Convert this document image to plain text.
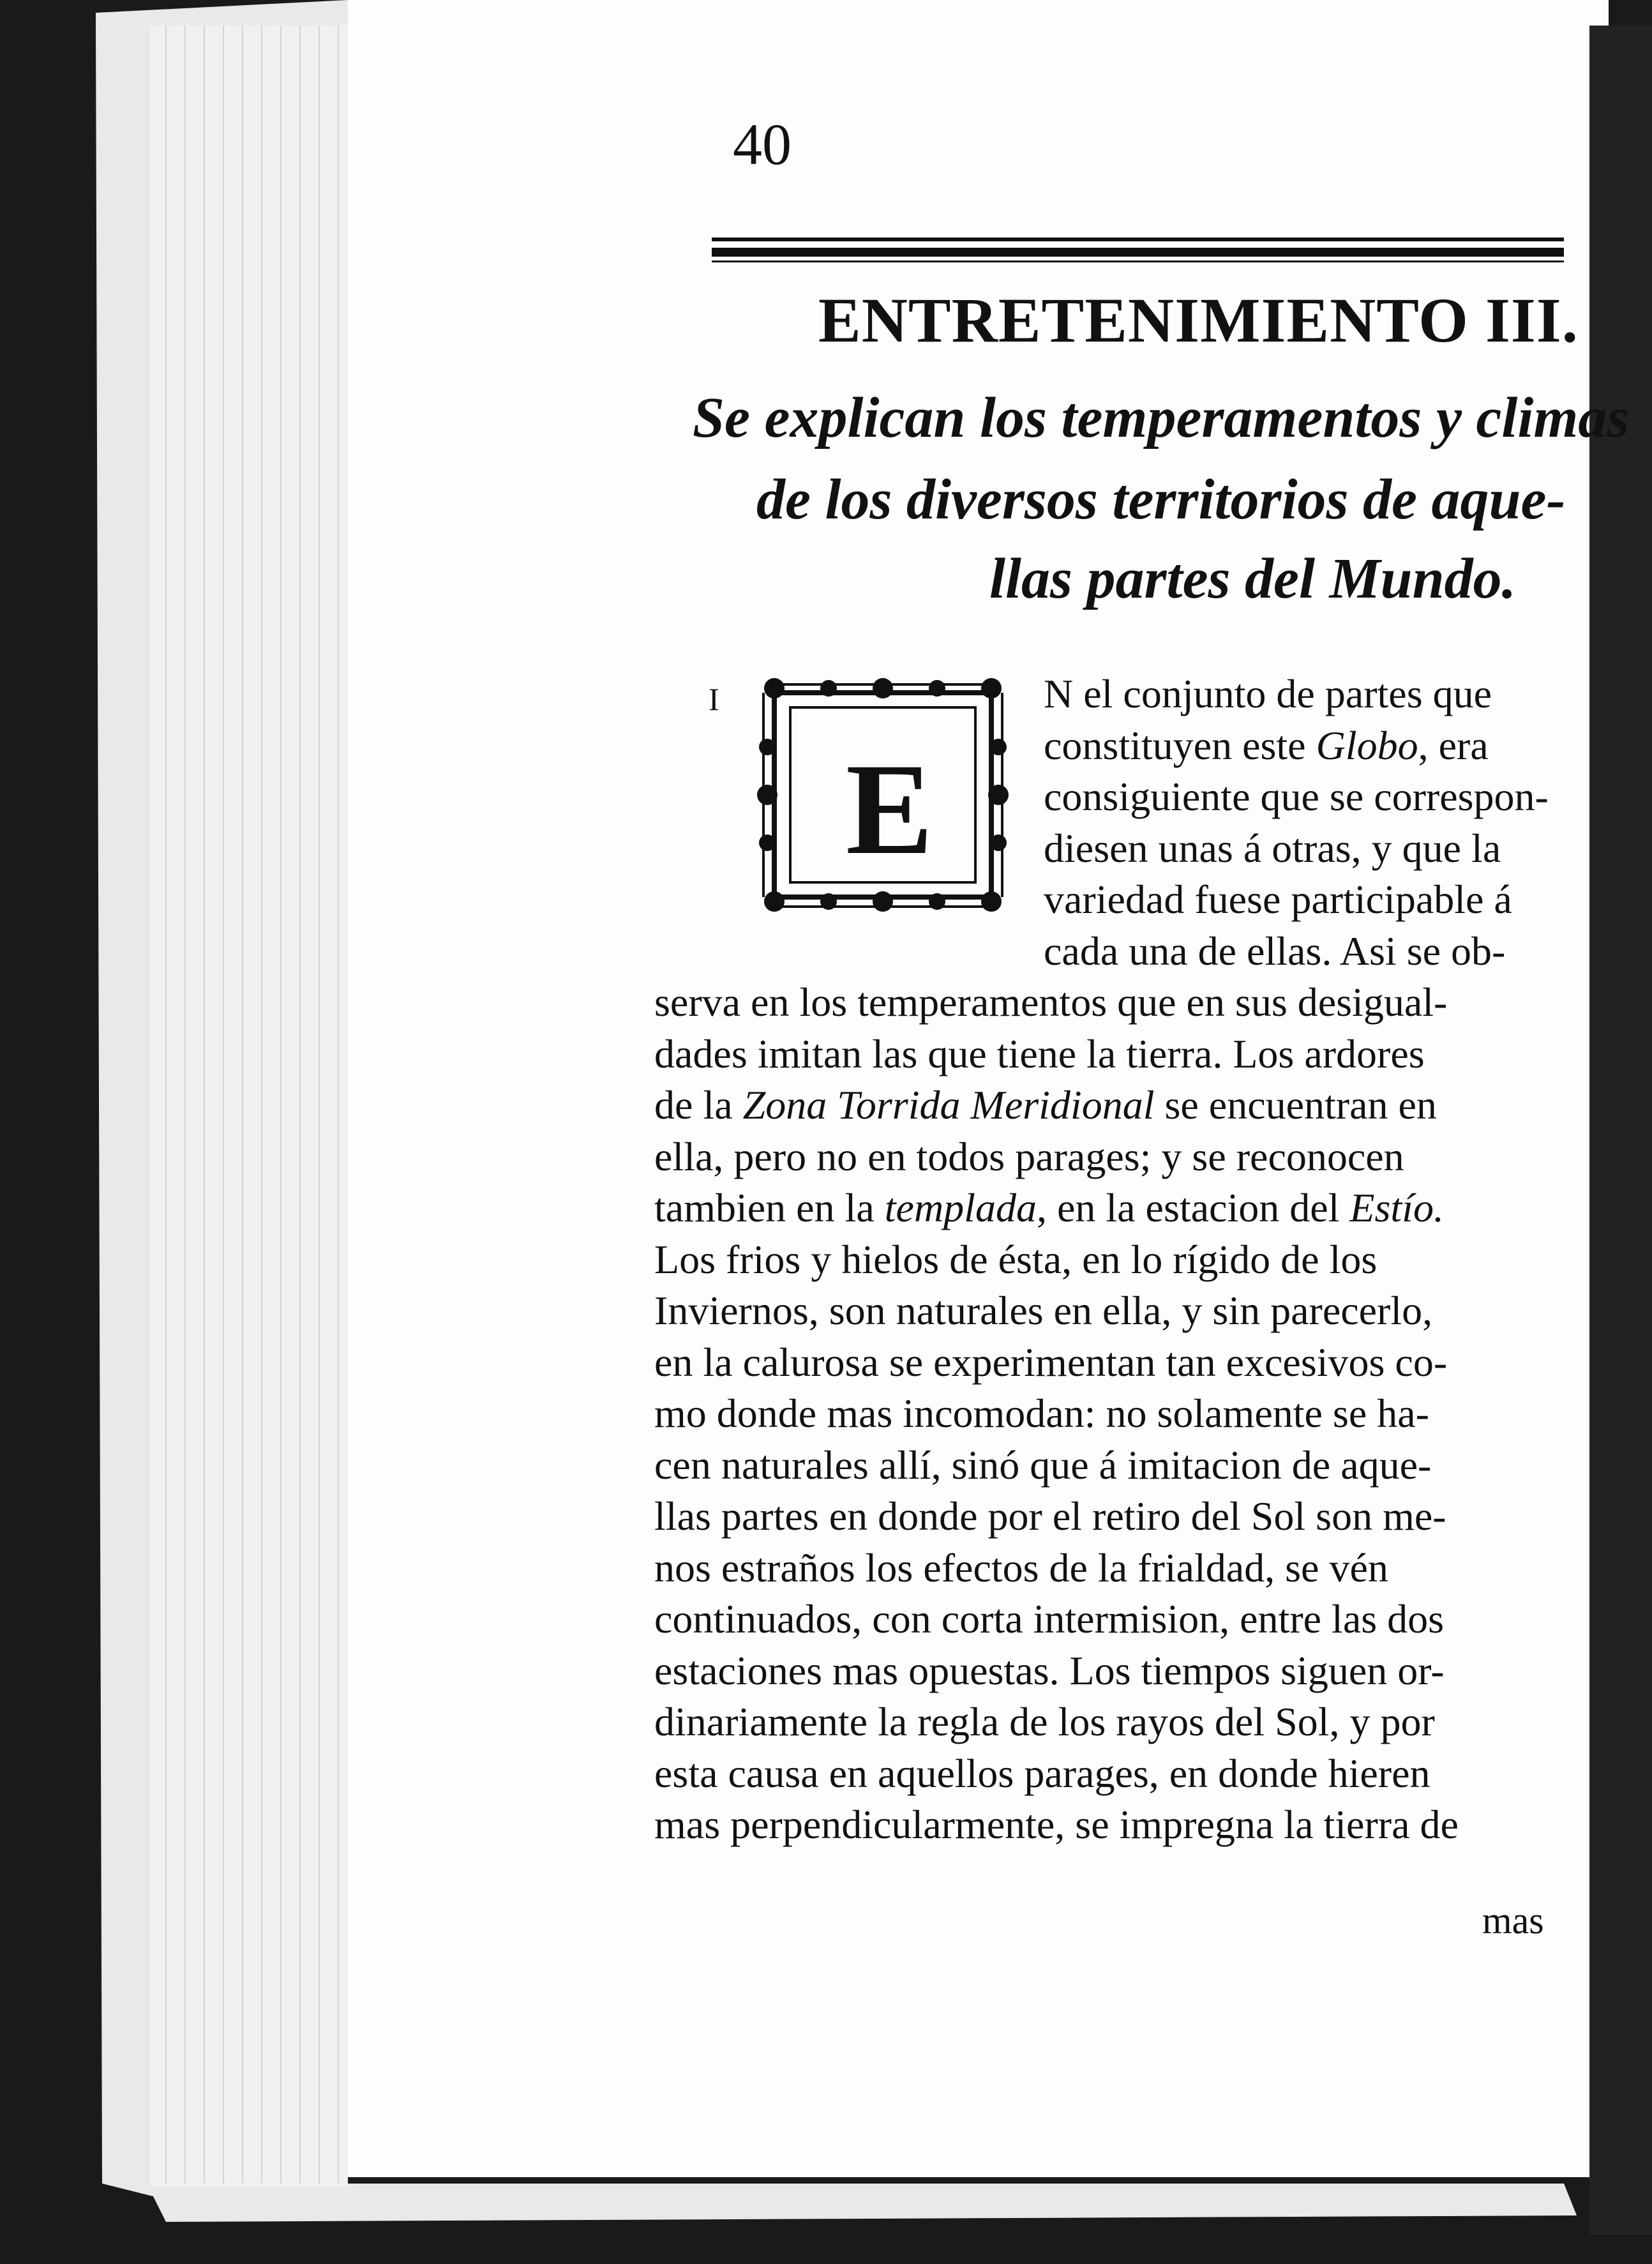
40
ENTRETENIMIENTO III.
Se explican los temperamentos y climas
de los diversos territorios de aque-
llas partes del Mundo.
I
E
N el conjunto de partes que
constituyen este Globo, era
consiguiente que se correspon-
diesen unas á otras, y que la
variedad fuese participable á
cada una de ellas. Asi se ob-
serva en los temperamentos que en sus desigual-
dades imitan las que tiene la tierra. Los ardores
de la Zona Torrida Meridional se encuentran en
ella, pero no en todos parages; y se reconocen
tambien en la templada, en la estacion del Estío.
Los frios y hielos de ésta, en lo rígido de los
Inviernos, son naturales en ella, y sin parecerlo,
en la calurosa se experimentan tan excesivos co-
mo donde mas incomodan: no solamente se ha-
cen naturales allí, sinó que á imitacion de aque-
llas partes en donde por el retiro del Sol son me-
nos estraños los efectos de la frialdad, se vén
continuados, con corta intermision, entre las dos
estaciones mas opuestas. Los tiempos siguen or-
dinariamente la regla de los rayos del Sol, y por
esta causa en aquellos parages, en donde hieren
mas perpendicularmente, se impregna la tierra de
mas
